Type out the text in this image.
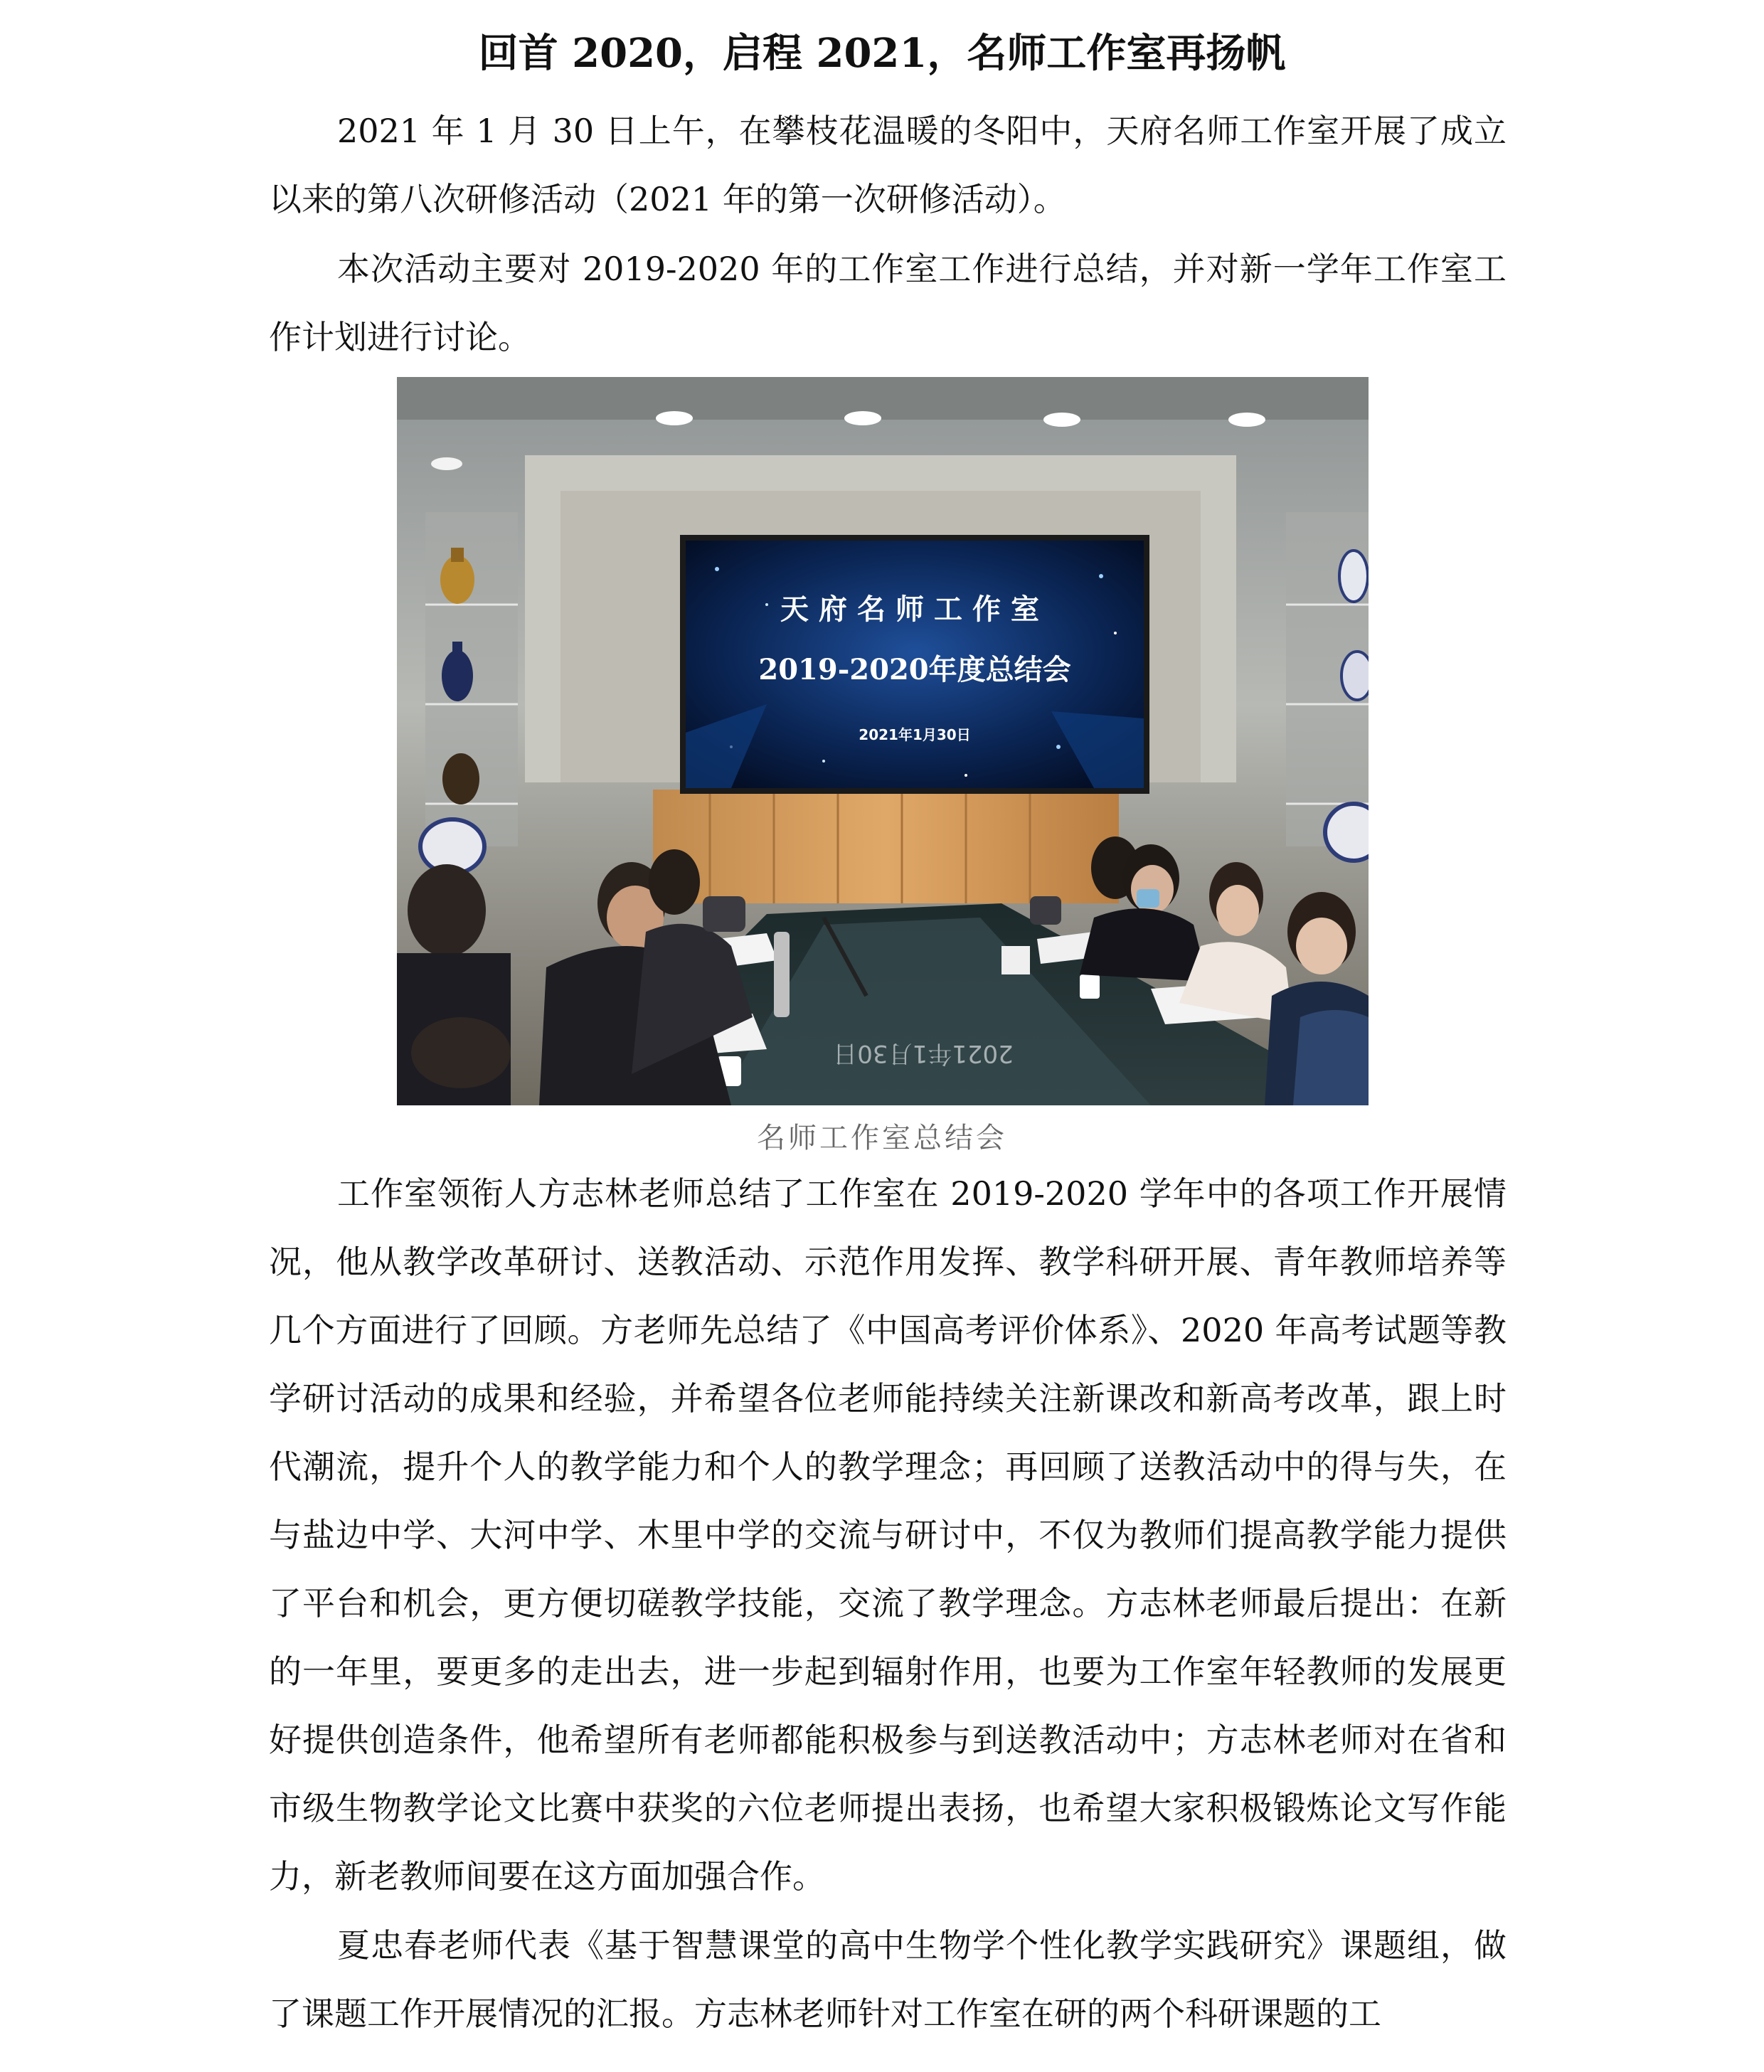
回首 2020，启程 2021，名师工作室再扬帆

2021 年 1 月 30 日上午，在攀枝花温暖的冬阳中，天府名师工作室开展了成立以来的第八次研修活动（2021 年的第一次研修活动）。

本次活动主要对 2019-2020 年的工作室工作进行总结，并对新一学年工作室工作计划进行讨论。

天府名师工作室
2019-2020年度总结会
2021年1月30日
2021年1月30日
名师工作室总结会

工作室领衔人方志林老师总结了工作室在 2019-2020 学年中的各项工作开展情况，他从教学改革研讨、送教活动、示范作用发挥、教学科研开展、青年教师培养等几个方面进行了回顾。方老师先总结了《中国高考评价体系》、2020 年高考试题等教学研讨活动的成果和经验，并希望各位老师能持续关注新课改和新高考改革，跟上时代潮流，提升个人的教学能力和个人的教学理念；再回顾了送教活动中的得与失，在与盐边中学、大河中学、木里中学的交流与研讨中，不仅为教师们提高教学能力提供了平台和机会，更方便切磋教学技能，交流了教学理念。方志林老师最后提出：在新的一年里，要更多的走出去，进一步起到辐射作用，也要为工作室年轻教师的发展更好提供创造条件，他希望所有老师都能积极参与到送教活动中；方志林老师对在省和市级生物教学论文比赛中获奖的六位老师提出表扬，也希望大家积极锻炼论文写作能力，新老教师间要在这方面加强合作。

夏忠春老师代表《基于智慧课堂的高中生物学个性化教学实践研究》课题组，做了课题工作开展情况的汇报。方志林老师针对工作室在研的两个科研课题的工
